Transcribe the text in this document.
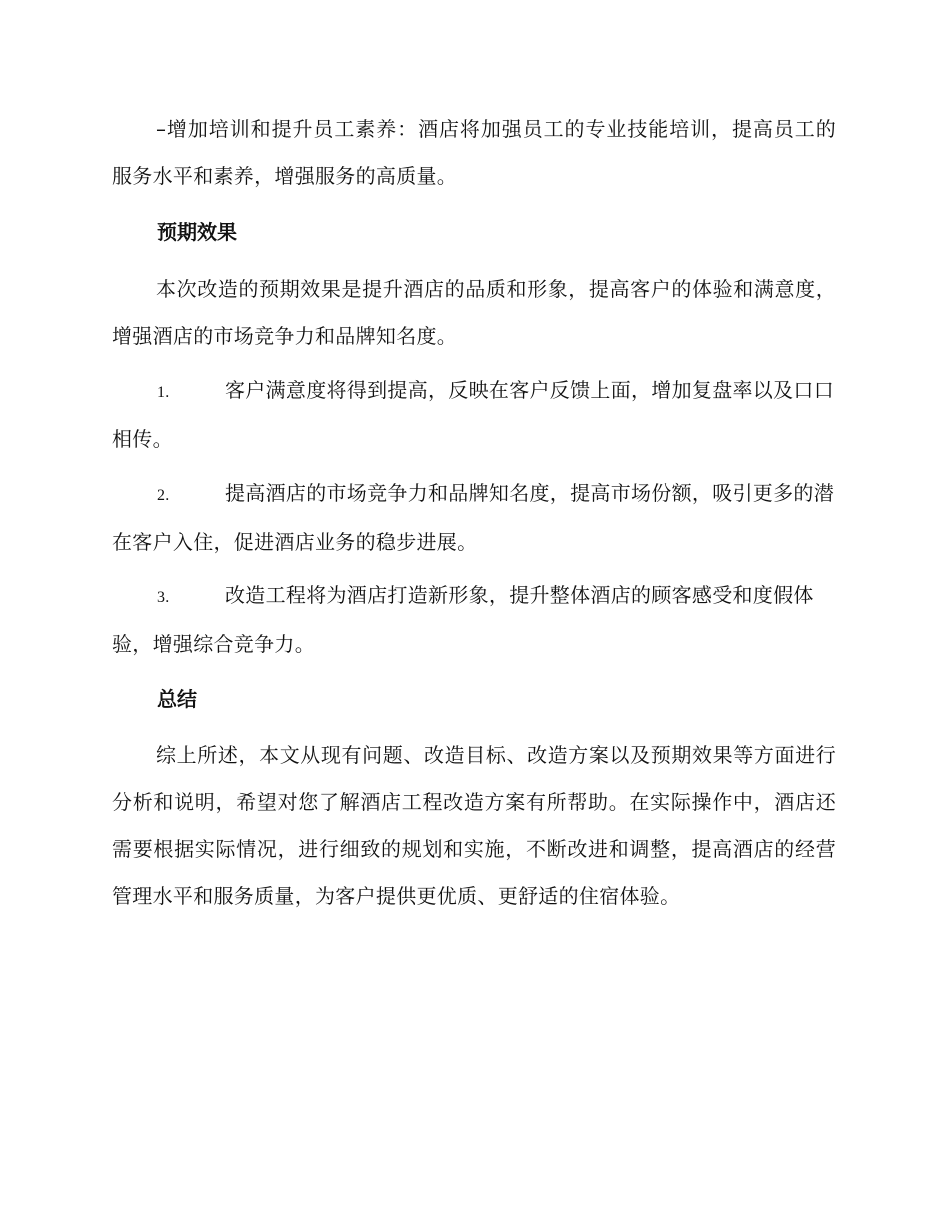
–增加培训和提升员工素养：酒店将加强员工的专业技能培训，提高员工的服务水平和素养，增强服务的高质量。
预期效果
本次改造的预期效果是提升酒店的品质和形象，提高客户的体验和满意度，增强酒店的市场竞争力和品牌知名度。
1.	客户满意度将得到提高，反映在客户反馈上面，增加复盘率以及口口相传。
2.	提高酒店的市场竞争力和品牌知名度，提高市场份额，吸引更多的潜在客户入住，促进酒店业务的稳步进展。
3.	改造工程将为酒店打造新形象，提升整体酒店的顾客感受和度假体验，增强综合竞争力。
总结
综上所述，本文从现有问题、改造目标、改造方案以及预期效果等方面进行分析和说明，希望对您了解酒店工程改造方案有所帮助。在实际操作中，酒店还需要根据实际情况，进行细致的规划和实施，不断改进和调整，提高酒店的经营管理水平和服务质量，为客户提供更优质、更舒适的住宿体验。
